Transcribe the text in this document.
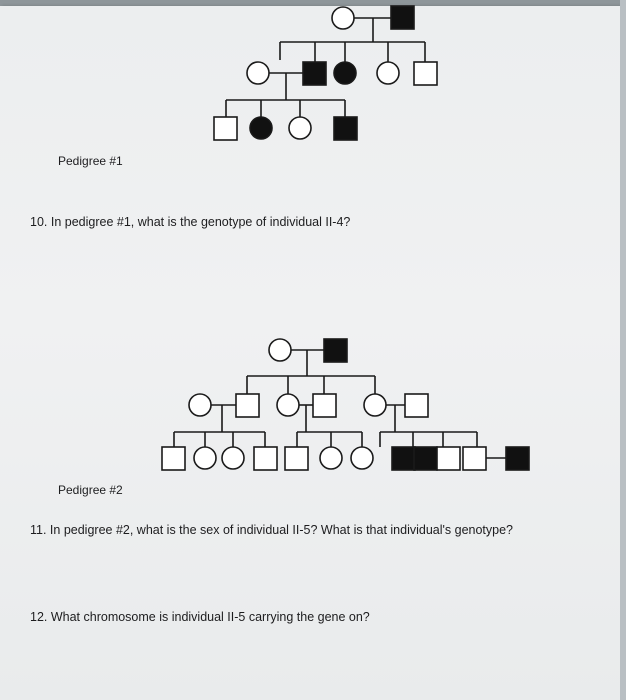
Pedigree #1

10. In pedigree #1, what is the genotype of individual II-4?

Pedigree #2

11. In pedigree #2, what is the sex of individual II-5? What is that individual's genotype?

12. What chromosome is individual II-5 carrying the gene on?
